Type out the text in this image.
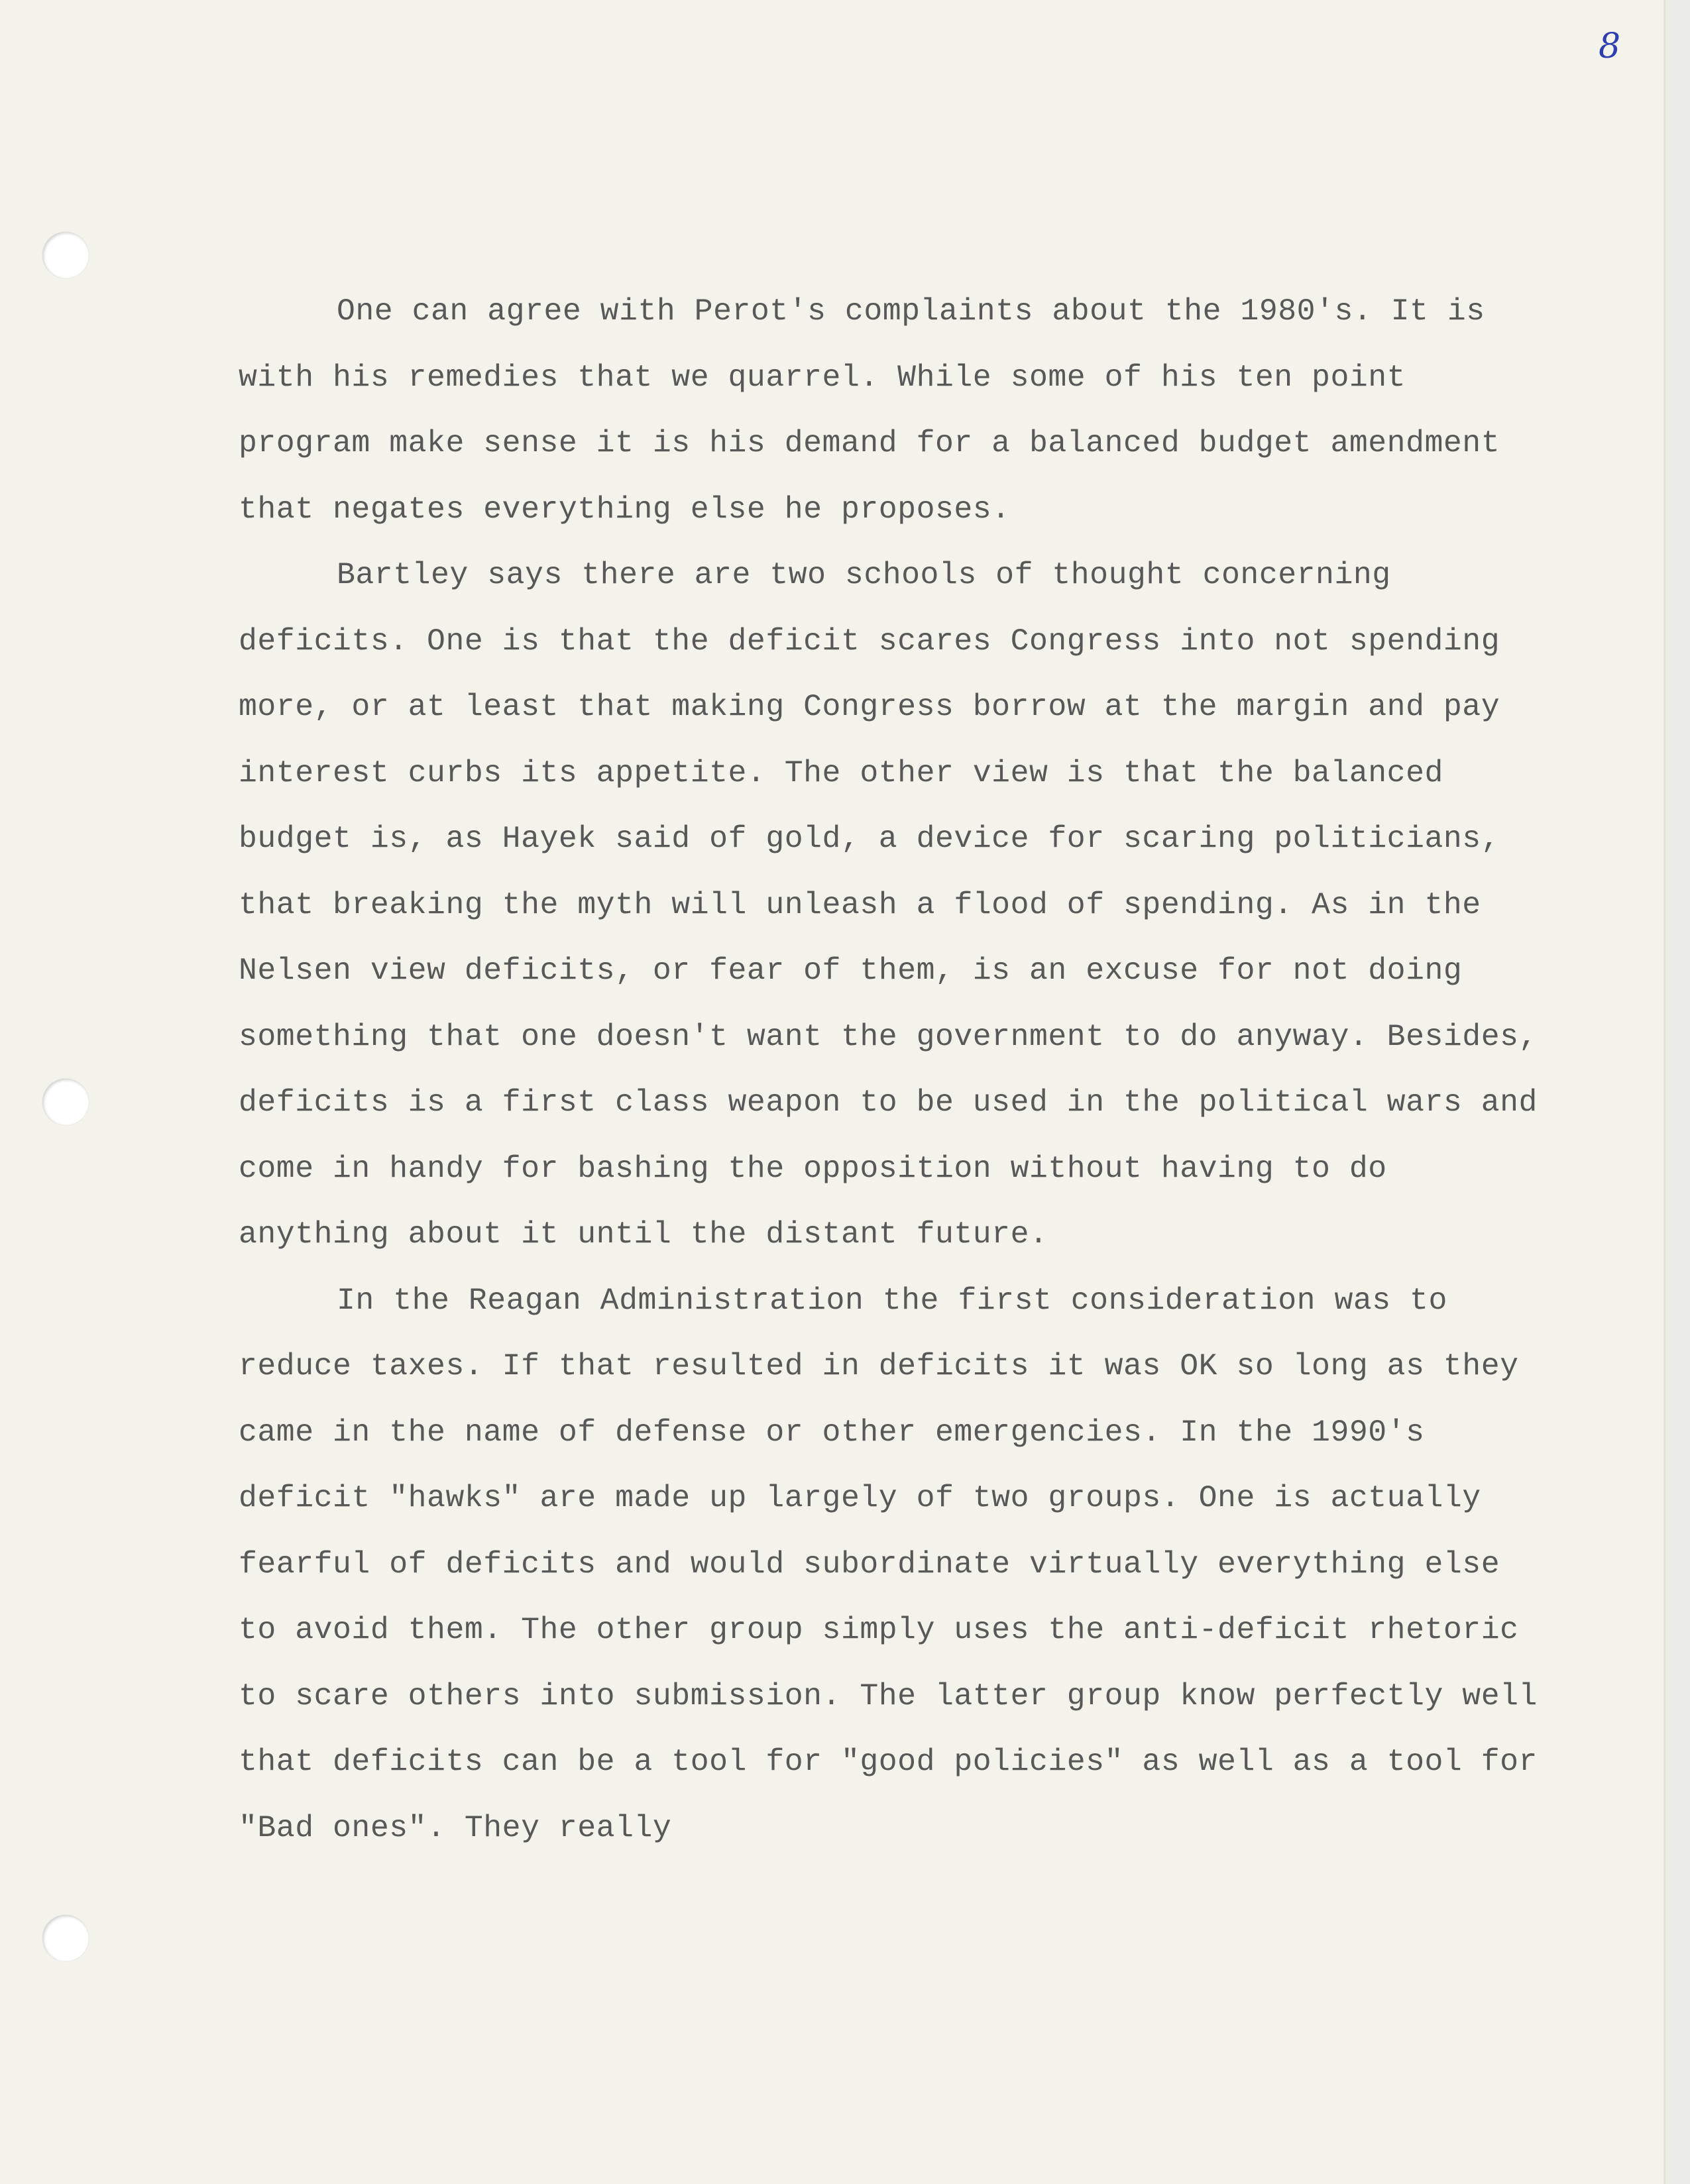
8

One can agree with Perot's complaints about the 1980's. It is with his remedies that we quarrel. While some of his ten point program make sense it is his demand for a balanced budget amendment that negates everything else he proposes.

Bartley says there are two schools of thought concerning deficits. One is that the deficit scares Congress into not spending more, or at least that making Congress borrow at the margin and pay interest curbs its appetite. The other view is that the balanced budget is, as Hayek said of gold, a device for scaring politicians, that breaking the myth will unleash a flood of spending. As in the Nelsen view deficits, or fear of them, is an excuse for not doing something that one doesn't want the government to do anyway. Besides, deficits is a first class weapon to be used in the political wars and come in handy for bashing the opposition without having to do anything about it until the distant future.

In the Reagan Administration the first consideration was to reduce taxes. If that resulted in deficits it was OK so long as they came in the name of defense or other emergencies. In the 1990's deficit "hawks" are made up largely of two groups. One is actually fearful of deficits and would subordinate virtually everything else to avoid them. The other group simply uses the anti-deficit rhetoric to scare others into submission. The latter group know perfectly well that deficits can be a tool for "good policies" as well as a tool for "Bad ones". They really
